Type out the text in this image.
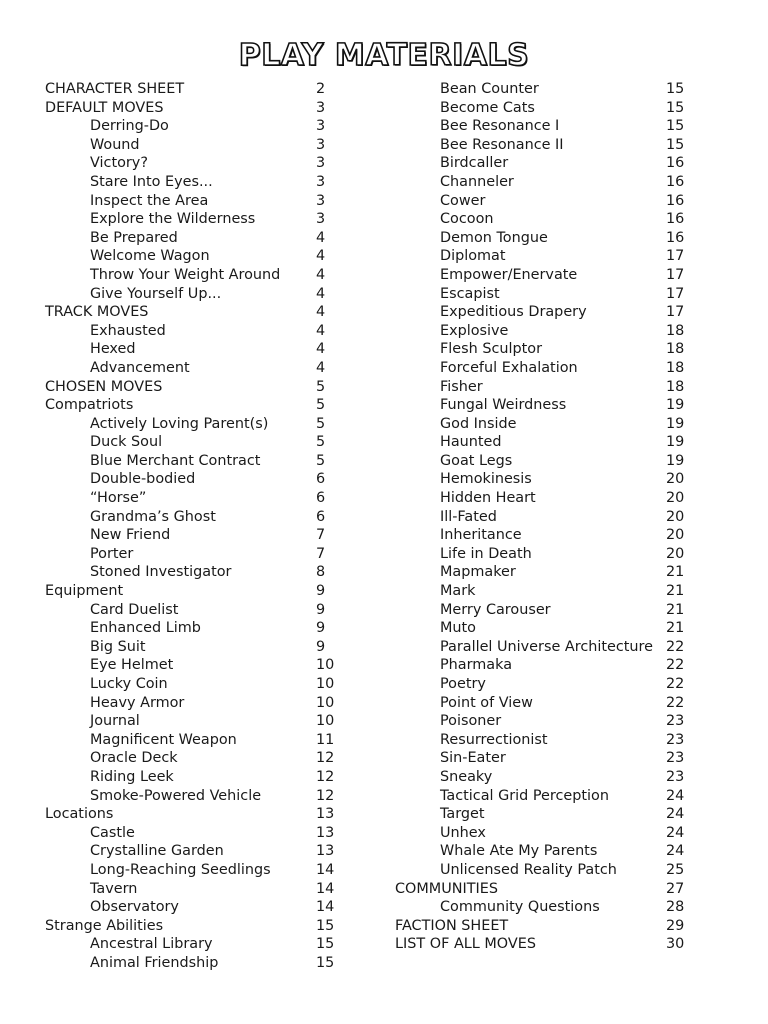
PLAY MATERIALS
CHARACTER SHEET	2
DEFAULT MOVES	3
Derring-Do	3
Wound	3
Victory?	3
Stare Into Eyes...	3
Inspect the Area	3
Explore the Wilderness	3
Be Prepared	4
Welcome Wagon	4
Throw Your Weight Around 4
Give Yourself Up...	4
TRACK MOVES	4
Exhausted	4
Hexed	4
Advancement	4
CHOSEN MOVES	5
Compatriots	5
Actively Loving Parent(s)	5
Duck Soul	5
Blue Merchant Contract	5
Double-bodied	6
“Horse”	6
Grandma’s Ghost	6
New Friend	7
Porter	7
Stoned Investigator	8
Equipment	9
Card Duelist	9
Enhanced Limb	9
Big Suit	9
Eye Helmet	10
Lucky Coin	10
Heavy Armor	10
Journal	10
Magnificent Weapon	11
Oracle Deck	12
Riding Leek	12
Smoke-Powered Vehicle	12
Locations	13
Castle	13
Crystalline Garden	13
Long-Reaching Seedlings	14
Tavern	14
Observatory	14
Strange Abilities	15
Ancestral Library	15
Animal Friendship	15
Bean Counter	15
Become Cats	15
Bee Resonance I	15
Bee Resonance II	15
Birdcaller	16
Channeler	16
Cower	16
Cocoon	16
Demon Tongue	16
Diplomat	17
Empower/Enervate	17
Escapist	17
Expeditious Drapery	17
Explosive	18
Flesh Sculptor	18
Forceful Exhalation	18
Fisher	18
Fungal Weirdness	19
God Inside	19
Haunted	19
Goat Legs	19
Hemokinesis	20
Hidden Heart	20
Ill-Fated	20
Inheritance	20
Life in Death	20
Mapmaker	21
Mark	21
Merry Carouser	21
Muto	21
Parallel Universe Architecture 22
Pharmaka	22
Poetry	22
Point of View	22
Poisoner	23
Resurrectionist	23
Sin-Eater	23
Sneaky	23
Tactical Grid Perception	24
Target	24
Unhex	24
Whale Ate My Parents	24
Unlicensed Reality Patch	25
COMMUNITIES	27
Community Questions	28
FACTION SHEET	29
LIST OF ALL MOVES	30
